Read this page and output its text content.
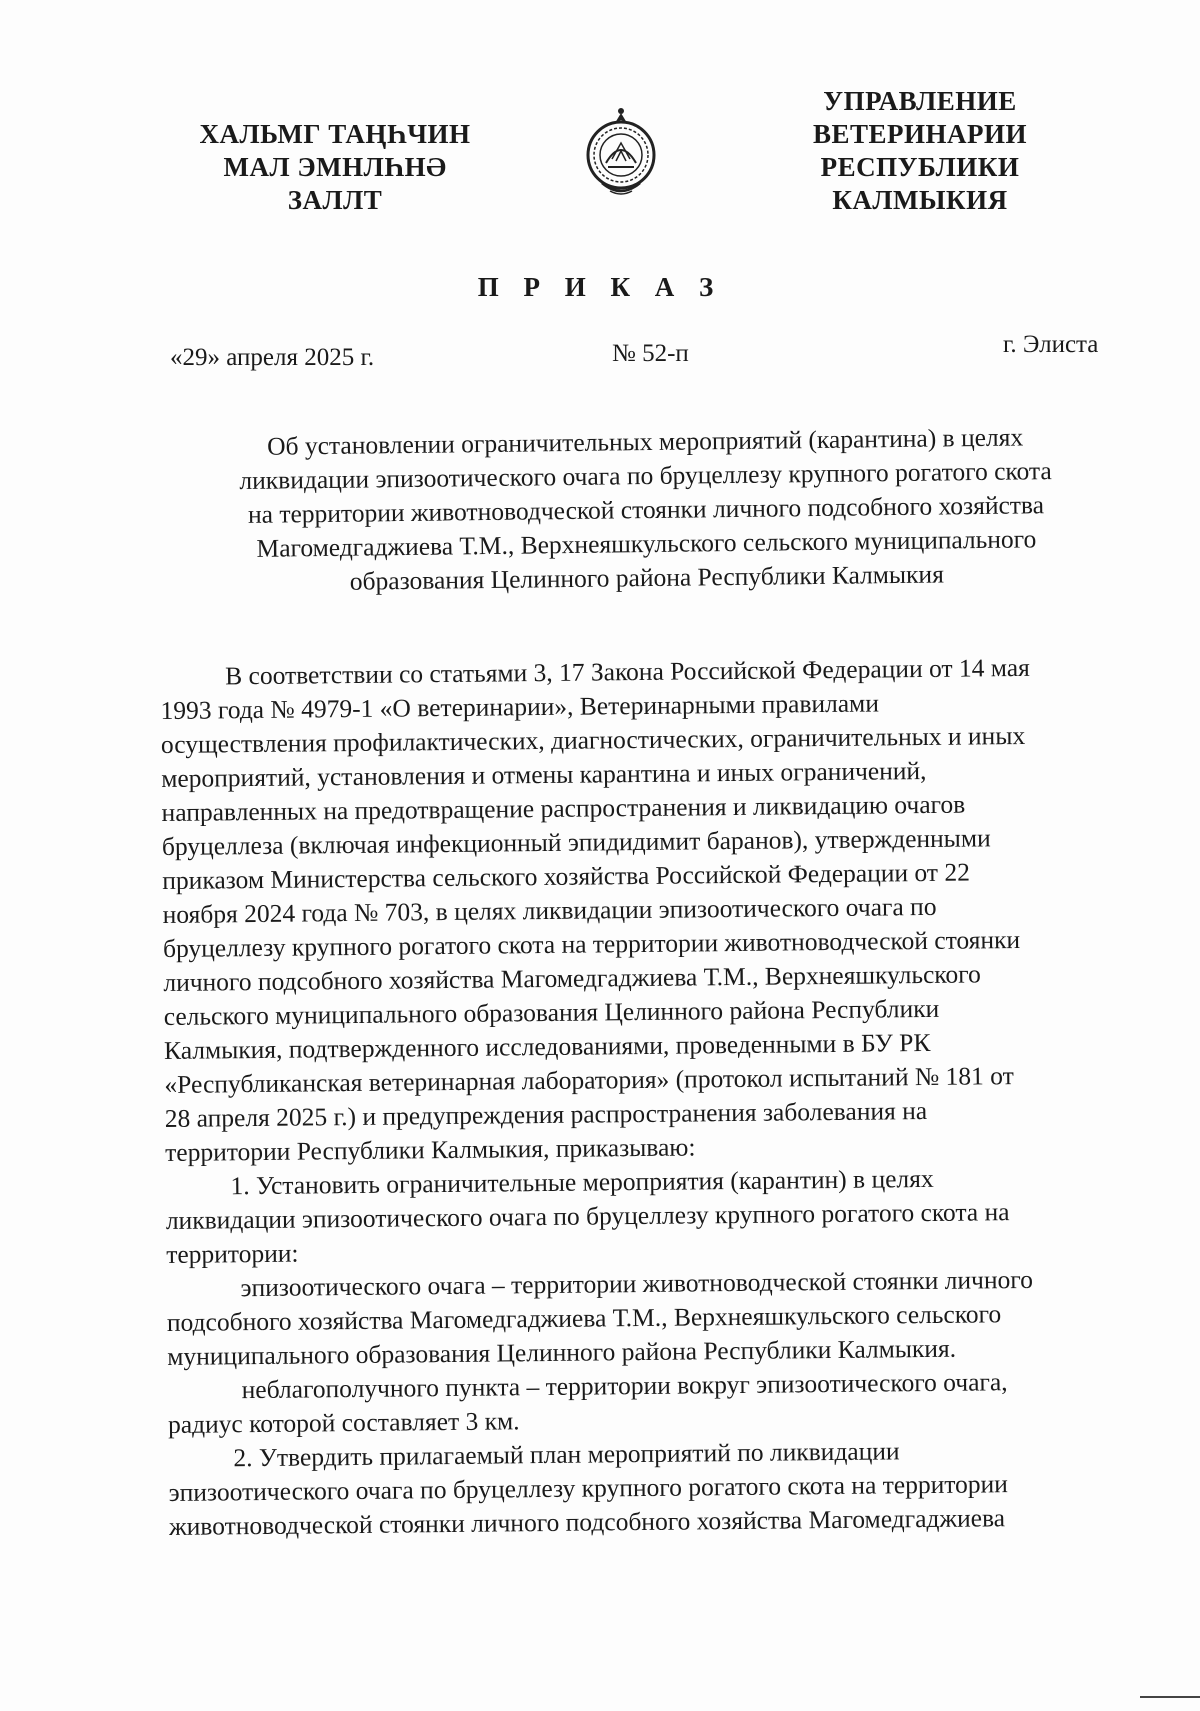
ХАЛЬМГ ТАҢҺЧИН
МАЛ ЭМНЛҺНӘ
ЗАЛЛТ
УПРАВЛЕНИЕ
ВЕТЕРИНАРИИ
РЕСПУБЛИКИ
КАЛМЫКИЯ
П Р И К А З
«29» апреля 2025 г.	№ 52-п	г. Элиста
Об установлении ограничительных мероприятий (карантина) в целях
ликвидации эпизоотического очага по бруцеллезу крупного рогатого скота
на территории животноводческой стоянки личного подсобного хозяйства
Магомедгаджиева Т.М., Верхнеяшкульского сельского муниципального
образования Целинного района Республики Калмыкия
В соответствии со статьями 3, 17 Закона Российской Федерации от 14 мая
1993 года № 4979-1 «О ветеринарии», Ветеринарными правилами
осуществления профилактических, диагностических, ограничительных и иных
мероприятий, установления и отмены карантина и иных ограничений,
направленных на предотвращение распространения и ликвидацию очагов
бруцеллеза (включая инфекционный эпидидимит баранов), утвержденными
приказом Министерства сельского хозяйства Российской Федерации от 22
ноября 2024 года № 703, в целях ликвидации эпизоотического очага по
бруцеллезу крупного рогатого скота на территории животноводческой стоянки
личного подсобного хозяйства Магомедгаджиева Т.М., Верхнеяшкульского
сельского муниципального образования Целинного района Республики
Калмыкия, подтвержденного исследованиями, проведенными в БУ РК
«Республиканская ветеринарная лаборатория» (протокол испытаний № 181 от
28 апреля 2025 г.) и предупреждения распространения заболевания на
территории Республики Калмыкия, приказываю:
1. Установить ограничительные мероприятия (карантин) в целях
ликвидации эпизоотического очага по бруцеллезу крупного рогатого скота на
территории:
эпизоотического очага – территории животноводческой стоянки личного
подсобного хозяйства Магомедгаджиева Т.М., Верхнеяшкульского сельского
муниципального образования Целинного района Республики Калмыкия.
неблагополучного пункта – территории вокруг эпизоотического очага,
радиус которой составляет 3 км.
2. Утвердить прилагаемый план мероприятий по ликвидации
эпизоотического очага по бруцеллезу крупного рогатого скота на территории
животноводческой стоянки личного подсобного хозяйства Магомедгаджиева
